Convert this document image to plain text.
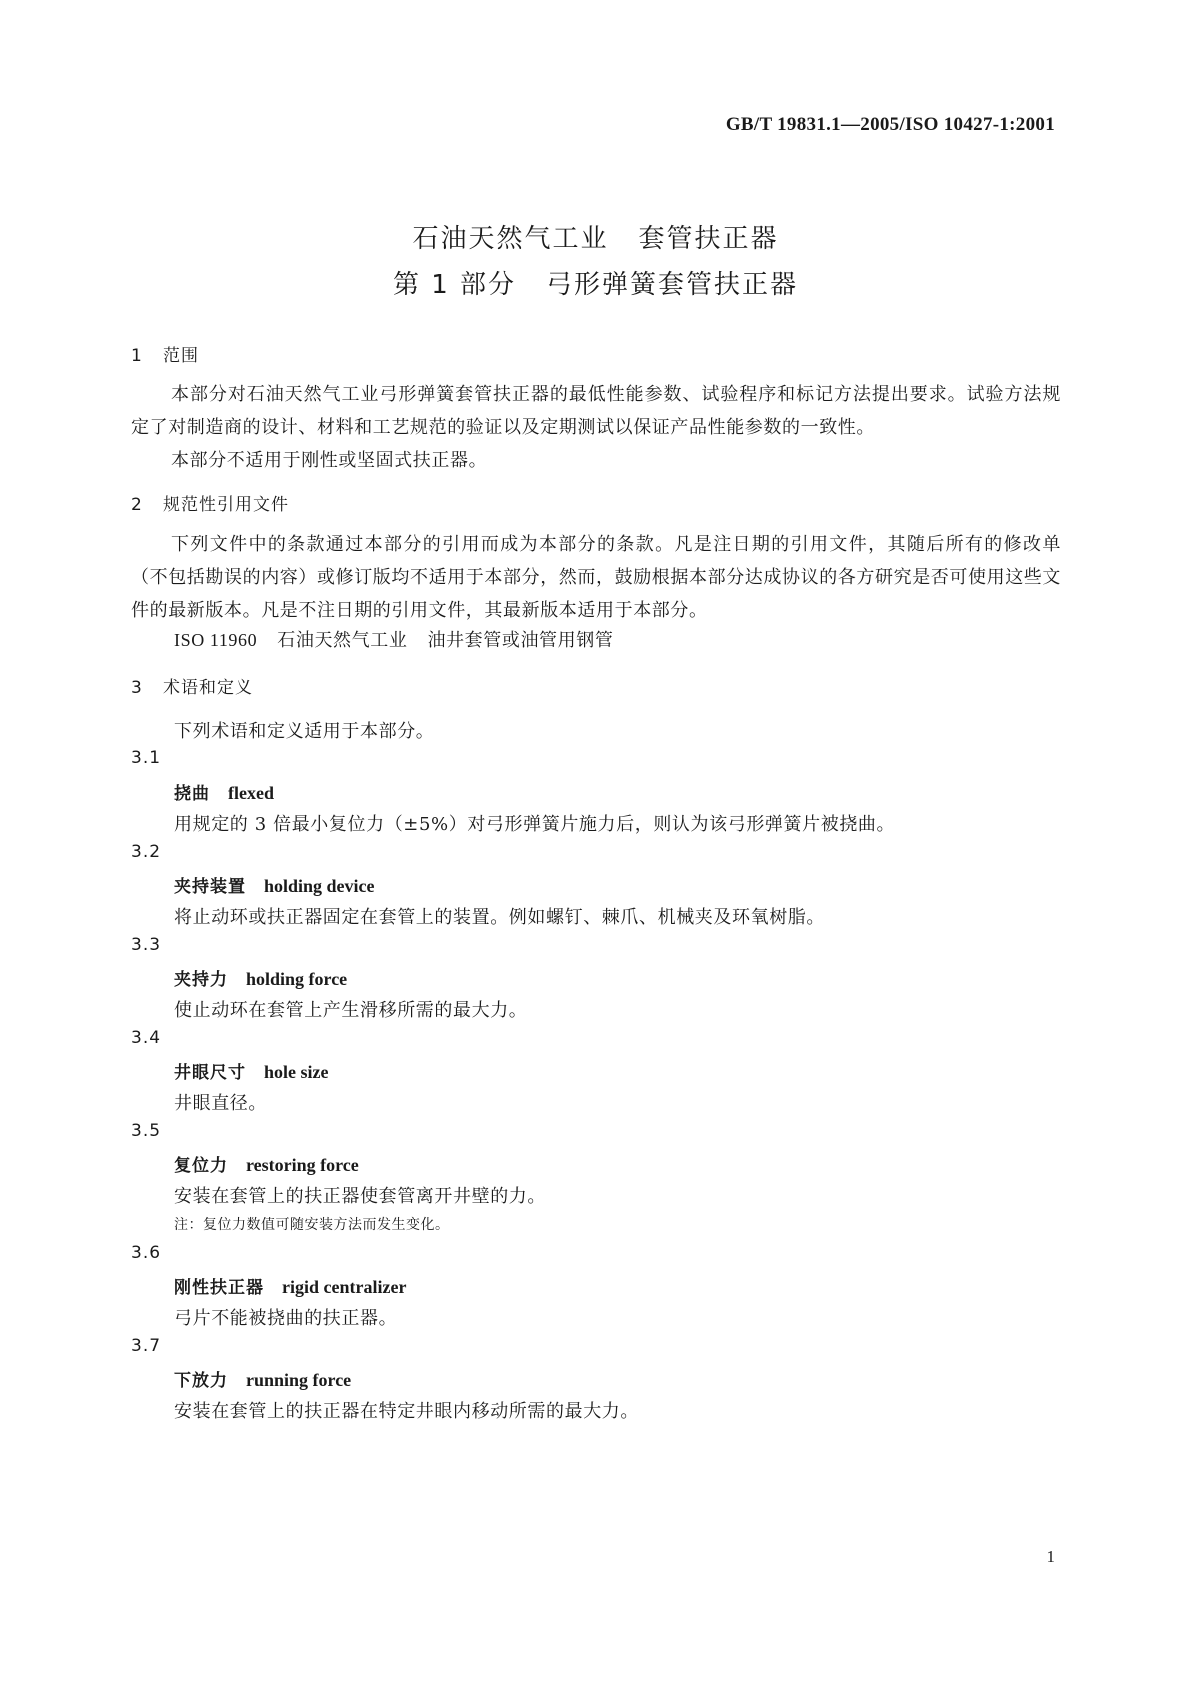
GB/T 19831.1—2005/ISO 10427-1:2001
石油天然气工业 套管扶正器
第 1 部分 弓形弹簧套管扶正器
1 范围
本部分对石油天然气工业弓形弹簧套管扶正器的最低性能参数、试验程序和标记方法提出要求。试验方法规定了对制造商的设计、材料和工艺规范的验证以及定期测试以保证产品性能参数的一致性。
本部分不适用于刚性或坚固式扶正器。
2 规范性引用文件
下列文件中的条款通过本部分的引用而成为本部分的条款。凡是注日期的引用文件，其随后所有的修改单（不包括勘误的内容）或修订版均不适用于本部分，然而，鼓励根据本部分达成协议的各方研究是否可使用这些文件的最新版本。凡是不注日期的引用文件，其最新版本适用于本部分。
ISO 11960 石油天然气工业 油井套管或油管用钢管
3 术语和定义
下列术语和定义适用于本部分。
3.1
挠曲 flexed
用规定的 3 倍最小复位力（±5%）对弓形弹簧片施力后，则认为该弓形弹簧片被挠曲。
3.2
夹持装置 holding device
将止动环或扶正器固定在套管上的装置。例如螺钉、棘爪、机械夹及环氧树脂。
3.3
夹持力 holding force
使止动环在套管上产生滑移所需的最大力。
3.4
井眼尺寸 hole size
井眼直径。
3.5
复位力 restoring force
安装在套管上的扶正器使套管离开井壁的力。
注：复位力数值可随安装方法而发生变化。
3.6
刚性扶正器 rigid centralizer
弓片不能被挠曲的扶正器。
3.7
下放力 running force
安装在套管上的扶正器在特定井眼内移动所需的最大力。
1
